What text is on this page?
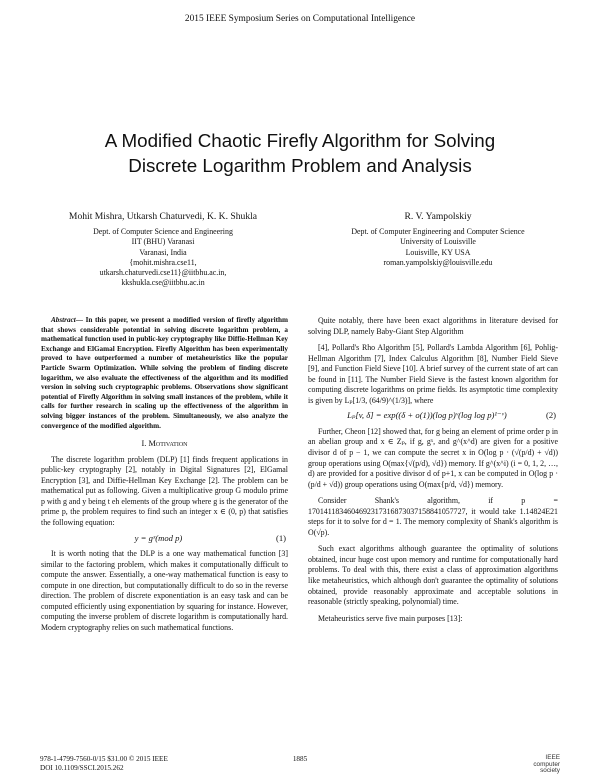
2015 IEEE Symposium Series on Computational Intelligence
A Modified Chaotic Firefly Algorithm for Solving
Discrete Logarithm Problem and Analysis
Mohit Mishra, Utkarsh Chaturvedi, K. K. Shukla
Dept. of Computer Science and Engineering
IIT (BHU) Varanasi
Varanasi, India
{mohit.mishra.cse11,
utkarsh.chaturvedi.cse11}@iitbhu.ac.in,
kkshukla.cse@iitbhu.ac.in
R. V. Yampolskiy
Dept. of Computer Engineering and Computer Science
University of Louisville
Louisville, KY USA
roman.yampolskiy@louisville.edu

Abstract— In this paper, we present a modified version of firefly algorithm that shows considerable potential in solving discrete logarithm problem, a mathematical function used in public-key cryptography like Diffie-Hellman Key Exchange and ElGamal Encryption. Firefly Algorithm has been experimentally proved to have outperformed a number of metaheuristics like the popular Particle Swarm Optimization. While solving the problem of finding discrete logarithm, we also evaluate the effectiveness of the algorithm and its modified version in solving such cryptographic problems. Observations show significant potential of Firefly Algorithm in solving small instances of the problem, while it calls for further research in scaling up the effectiveness of the algorithm in solving bigger instances of the problem. Simultaneously, we also analyze the convergence of the modified algorithm.

I. Motivation

The discrete logarithm problem (DLP) [1] finds frequent applications in public-key cryptography [2], notably in Digital Signatures [2], ElGamal Encryption [3], and Diffie-Hellman Key Exchange [2]. The problem can be mathematical put as following. Given a multiplicative group G modulo prime p with g and y being t eh elements of the group where g is the generator of the prime p, the problem requires to find such an integer x ∈ (0, p) that satisfies the following equation:

y = gˣ(mod p)	(1)

It is worth noting that the DLP is a one way mathematical function [3] similar to the factoring problem, which makes it computationally difficult to compute the answer. Essentially, a one-way mathematical function is easy to compute in one direction, but computationally difficult to do so in the reverse direction. The problem of discrete exponentiation is an easy task and can be computed efficiently using exponentiation by squaring for instance. However, computing the inverse problem of discrete logarithm is computationally hard. Modern cryptography relies on such mathematical functions.

Quite notably, there have been exact algorithms in literature devised for solving DLP, namely Baby-Giant Step Algorithm

[4], Pollard's Rho Algorithm [5], Pollard's Lambda Algorithm [6], Pohlig-Hellman Algorithm [7], Index Calculus Algorithm [8], Number Field Sieve [9], and Function Field Sieve [10]. A brief survey of the current state of art can be found in [11]. The Number Field Sieve is the fastest known algorithm for computing discrete logarithms on prime fields. Its asymptotic time complexity is given by Lₚ[1/3, (64/9)^(1/3)], where

Lₚ[v, δ] = exp((δ + o(1))(log p)ᵛ(log log p)¹⁻ᵛ)	(2)

Further, Cheon [12] showed that, for g being an element of prime order p in an abelian group and x ∈ Zₚ, if g, gˣ, and g^(x^d) are given for a positive divisor d of p − 1, we can compute the secret x in O(log p · (√(p/d) + √d)) group operations using O(max{√(p/d), √d}) memory. If g^(x^i) (i = 0, 1, 2, …, d) are provided for a positive divisor d of p+1, x can be computed in O(log p · (p/d + √d)) group operations using O(max{p/d, √d}) memory.

Consider Shank's algorithm, if p = 1701411834604692317316873037158841057727, it would take 1.14824E21 steps for it to solve for d = 1. The memory complexity of Shank's algorithm is O(√p).

Such exact algorithms although guarantee the optimality of solutions obtained, incur huge cost upon memory and runtime for computationally hard problems. To deal with this, there exist a class of approximation algorithms like metaheuristics, which although don't guarantee the optimality of solutions obtained, provide reasonably approximate and acceptable solutions in reasonable (strictly speaking, polynomial) time.

Metaheuristics serve five main purposes [13]:

978-1-4799-7560-0/15 $31.00 © 2015 IEEE
DOI 10.1109/SSCI.2015.262
1885	IEEE
computer
society
